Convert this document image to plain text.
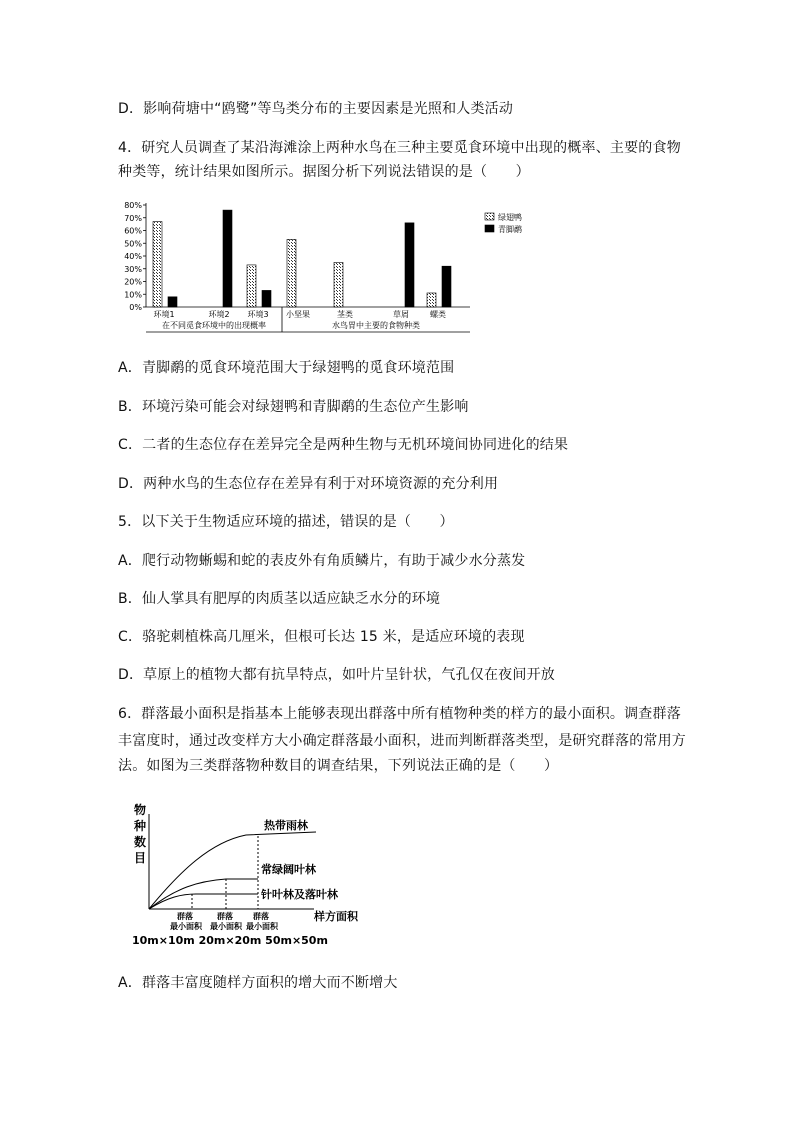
D．影响荷塘中“鸥鹭”等鸟类分布的主要因素是光照和人类活动
4．研究人员调查了某沿海滩涂上两种水鸟在三种主要觅食环境中出现的概率、主要的食物
种类等，统计结果如图所示。据图分析下列说法错误的是（　　）
0%
10%
20%
30%
40%
50%
60%
70%
80%
环境1	环境2 环境3 小坚果	茎类	草屑	螺类
在不同觅食环境中的出现概率	水鸟胃中主要的食物种类
绿翅鸭
青脚鹬
A．青脚鹬的觅食环境范围大于绿翅鸭的觅食环境范围
B．环境污染可能会对绿翅鸭和青脚鹬的生态位产生影响
C．二者的生态位存在差异完全是两种生物与无机环境间协同进化的结果
D．两种水鸟的生态位存在差异有利于对环境资源的充分利用
5．以下关于生物适应环境的描述，错误的是（　　）
A．爬行动物蜥蜴和蛇的表皮外有角质鳞片，有助于减少水分蒸发
B．仙人掌具有肥厚的肉质茎以适应缺乏水分的环境
C．骆驼刺植株高几厘米，但根可长达 15 米，是适应环境的表现
D．草原上的植物大都有抗旱特点，如叶片呈针状，气孔仅在夜间开放
6．群落最小面积是指基本上能够表现出群落中所有植物种类的样方的最小面积。调查群落
丰富度时，通过改变样方大小确定群落最小面积，进而判断群落类型，是研究群落的常用方
法。如图为三类群落物种数目的调查结果，下列说法正确的是（　　）
物
种
数
目
热带雨林
常绿阔叶林
针叶林及落叶林
样方面积
群落
最小面积
群落
最小面积
群落
最小面积
10m×10m 20m×20m 50m×50m
A．群落丰富度随样方面积的增大而不断增大
